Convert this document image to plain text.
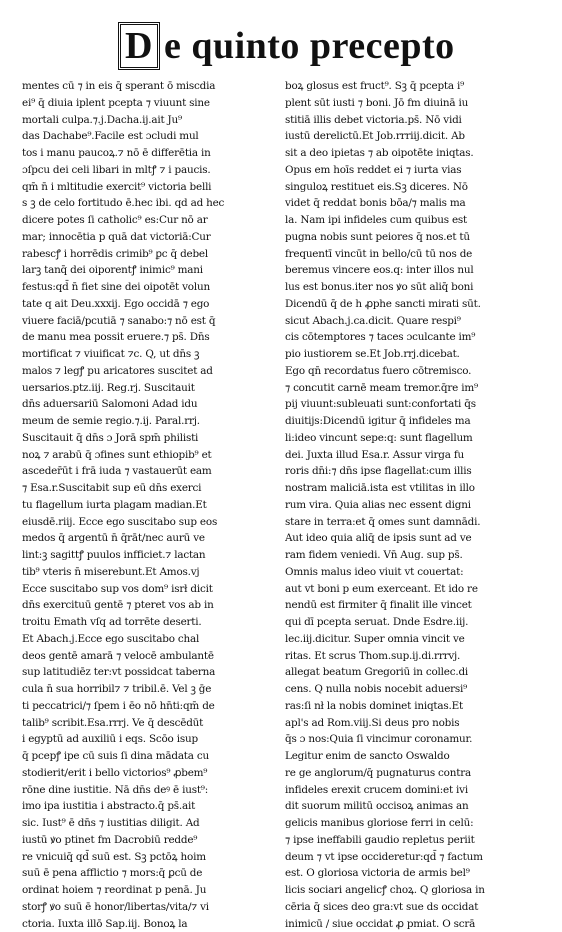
D e quinto precepto
mentes cū ⁊ in eis q̄ sperant ō miscdia
ei⁹ q̄ diuia iplent pcepta ⁊ viuunt sine
mortali culpa.⁊.j.Dacha.ij.ait Ju⁹
das Dachabe⁹.Facile est ɔcludi mul
tos i manu paucoꝝ.⁊ nō ē differētia in
ɔſpcu dei celi libari in mltꝭ ⁊ i paucis.
qm̄ n̄ i mltitudie exercit⁹ victoria belli
s ꝫ de celo fortitudo ē.hec ibi. qd ad hec
dicere potes ſi catholic⁹ es:Cur nō ar
mar; innocētia p quā dat victoriā:Cur
rabescꝭ i horrēdis crimib⁹ ꝑc q̄ debel
larꝫ tanq̄ dei oiporentꝭ inimic⁹ mani
festus:qd̄ n̄ fiet sine dei oipotēt volun
tate q ait Deu.xxxij. Ego occidā ⁊ ego
viuere faciā/pcutiā ⁊ sanabo:⁊ nō est q̄
de manu mea possit eruere.⁊ ps̄. Dn̄s
mortificat ⁊ viuificat ⁊c. Q, ut dn̄s ꝫ
malos ⁊ legꝭ pu aricatores suscitet ad
uersarios.ptz.iij. Reg.rj. Suscitauit
dn̄s aduersariū Salomoni Adad idu
meum de semie regio.⁊.ij. Paral.rrj.
Suscitauit q̄ dn̄s ɔ Jorā spm̄ philisti
noꝝ ⁊ arabū q̄ ɔfines sunt ethiopib⁹ et
asceder̄ūt i frā iuda ⁊ vastauerūt eam
⁊ Esa.r.Suscitabit sup eū dn̄s exerci
tu flagellum iurta plagam madian.Et
eiusdē.riij. Ecce ego suscitabo sup eos
medos q̄ argentū n̄ q̄rāt/nec aurū ve
lint:ꝫ sagittꝭ puulos infficiet.⁊ lactan
tib⁹ vteris n̄ miserebunt.Et Amos.vj
Ecce suscitabo sup vos dom⁹ isrł dicit
dn̄s exercituū gentē ⁊ pteret vos ab in
troitu Emath vſq ad torrēte deserti.
Et Abach.j.Ecce ego suscitabo chal
deos gentē amarā ⁊ velocē ambulantē
sup latitudiēz ter:vt possidcat taberna
cula n̄ sua horribil⁊ ⁊ tribil.ē. Vel ꝫ ḡe
ti peccatrici/⁊ ſpem i ēo nō hn̄ti:qm̄ de
talib⁹ scribit.Esa.rrrj. Ve q̄ descēdūt
i egyptū ad auxiliū i eqs. Scōo isup
q̄ pcepꝭ ipe cū suis ſi dina mādata cu
stodierit/erit i bello victorios⁹ ꝓbem⁹
rōne dine iustitie. Nā dn̄s deꝰ ē iust⁹:
imo ipa iustitia i abstracto.q̄ ps̄.ait
sic. Iust⁹ ē dn̄s ⁊ iustitias diligit. Ad
iustū ꝟo ptinet fm Dacrobiū redde⁹
re vnicuiq̄ qd̄ suū est. Sꝫ pctōꝝ hoim
suū ē pena afflictio ⁊ mors:q̄ ꝑcū de
ordinat hoiem ⁊ reordinat p penā. Ju
storꝭ ꝟo suū ē honor/libertas/vita/⁊ vi
ctoria. Iuxta illō Sap.iij. Bonoꝝ la
boꝝ glosus est fruct⁹. Sꝫ q̄ pcepta i⁹
plent sūt iusti ⁊ boni. Jō fm diuinā iu
stitiā illis debet victoria.ps̄. Nō vidi
iustū derelictū.Et Job.rrriij.dicit. Ab
sit a deo ipietas ⁊ ab oipotēte iniqtas.
Opus em hoīs reddet ei ⁊ iurta vias
singuloꝝ restituet eis.Sꝫ diceres. Nō
videt q̄ reddat bonis bōa/⁊ malis ma
la. Nam ipi infideles cum quibus est
pugna nobis sunt peiores q̄ nos.et tū
frequentī vincūt in bello/cū tū nos de
beremus vincere eos.q: inter illos nul
lus est bonus.iter nos ꝟo sūt aliq̄ boni
Dicendū q̄ de h ꝓphe sancti mirati sūt.
sicut Abach.j.ca.dicit. Quare respi⁹
cis cōtemptores ⁊ taces ɔculcante im⁹
pio iustiorem se.Et Job.rrj.dicebat.
Ego qn̄ recordatus fuero cōtremisco.
⁊ concutit carnē meam tremor.q̄re im⁹
pij viuunt:subleuati sunt:confortati q̄s
diuitijs:Dicendū igitur q̄ infideles ma
li:ideo vincunt sepe:q: sunt flagellum
dei. Juxta illud Esa.r. Assur virga fu
roris dn̄i:⁊ dn̄s ipse flagellat:cum illis
nostram maliciā.ista est vtilitas in illo
rum vira. Quia alias nec essent digni
stare in terra:et q̄ omes sunt damnādi.
Aut ideo quia aliq̄ de ipsis sunt ad ve
ram fidem veniedi. Vn̄ Aug. sup ps̄.
Omnis malus ideo viuit vt couertat:
aut vt boni p eum exerceant. Et ido re
nendū est firmiter q̄ finalit ille vincet
qui dī pcepta seruat. Dnde Esdre.iij.
lec.iij.dicitur. Super omnia vincit ve
ritas. Et scrus Thom.sup.ij.di.rrrvj.
allegat beatum Gregoriū in collec.di
cens. Q nulla nobis nocebit aduersi⁹
ras:ſi nł la nobis dominet iniqtas.Et
apl's ad Rom.viij.Si deus pro nobis
q̄s ɔ nos:Quia ſi vincimur coronamur.
Legitur enim de sancto Oswaldo
re ge anglorum/q̄ pugnaturus contra
infideles erexit crucem domini:et ivi
dit suorum militū occisoꝝ animas an
gelicis manibus gloriose ferri in celū:
⁊ ipse ineffabili gaudio repletus periit
deum ⁊ vt ipse occideretur:qd̄ ⁊ factum
est. O gloriosa victoria de armis bel⁹
licis sociari angelicꝭ choꝝ. Q gloriosa in
cēria q̄ sices deo gra:vt sue ds occidat
inimicū / siue occidat ꝓ pmiat. O scrā
